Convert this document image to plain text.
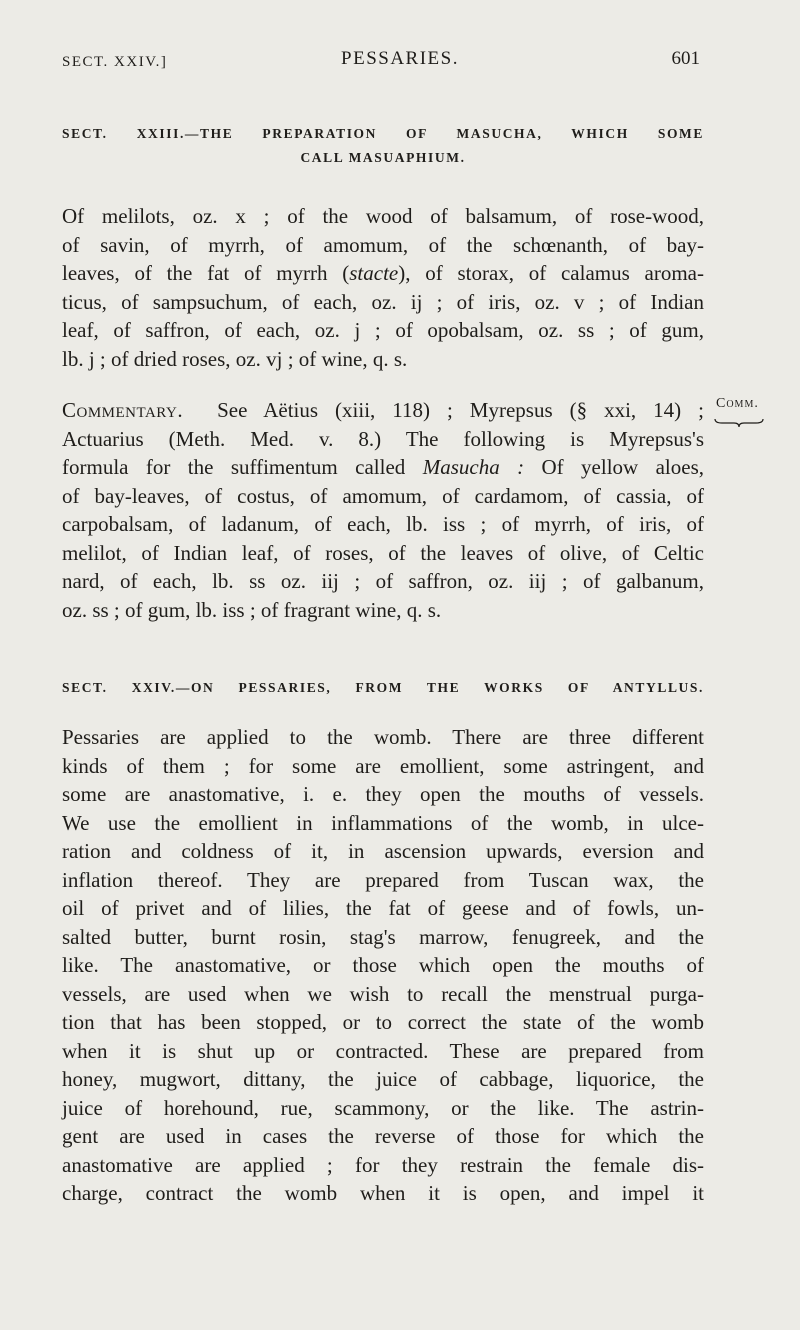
SECT. XXIV.]	PESSARIES.	601
SECT. XXIII.—THE PREPARATION OF MASUCHA, WHICH SOME
CALL MASUAPHIUM.
Of melilots, oz. x ; of the wood of balsamum, of rose-wood,
of savin, of myrrh, of amomum, of the schœnanth, of bay-
leaves, of the fat of myrrh (stacte), of storax, of calamus aroma-
ticus, of sampsuchum, of each, oz. ij ; of iris, oz. v ; of Indian
leaf, of saffron, of each, oz. j ; of opobalsam, oz. ss ; of gum,
lb. j ; of dried roses, oz. vj ; of wine, q. s.
Commentary. See Aëtius (xiii, 118) ; Myrepsus (§ xxi, 14) ;
Actuarius (Meth. Med. v. 8.) The following is Myrepsus's
formula for the suffimentum called Masucha : Of yellow aloes,
of bay-leaves, of costus, of amomum, of cardamom, of cassia, of
carpobalsam, of ladanum, of each, lb. iss ; of myrrh, of iris, of
melilot, of Indian leaf, of roses, of the leaves of olive, of Celtic
nard, of each, lb. ss oz. iij ; of saffron, oz. iij ; of galbanum,
oz. ss ; of gum, lb. iss ; of fragrant wine, q. s.
Comm.
SECT. XXIV.—ON PESSARIES, FROM THE WORKS OF ANTYLLUS.
Pessaries are applied to the womb. There are three different
kinds of them ; for some are emollient, some astringent, and
some are anastomative, i. e. they open the mouths of vessels.
We use the emollient in inflammations of the womb, in ulce-
ration and coldness of it, in ascension upwards, eversion and
inflation thereof. They are prepared from Tuscan wax, the
oil of privet and of lilies, the fat of geese and of fowls, un-
salted butter, burnt rosin, stag's marrow, fenugreek, and the
like. The anastomative, or those which open the mouths of
vessels, are used when we wish to recall the menstrual purga-
tion that has been stopped, or to correct the state of the womb
when it is shut up or contracted. These are prepared from
honey, mugwort, dittany, the juice of cabbage, liquorice, the
juice of horehound, rue, scammony, or the like. The astrin-
gent are used in cases the reverse of those for which the
anastomative are applied ; for they restrain the female dis-
charge, contract the womb when it is open, and impel it
